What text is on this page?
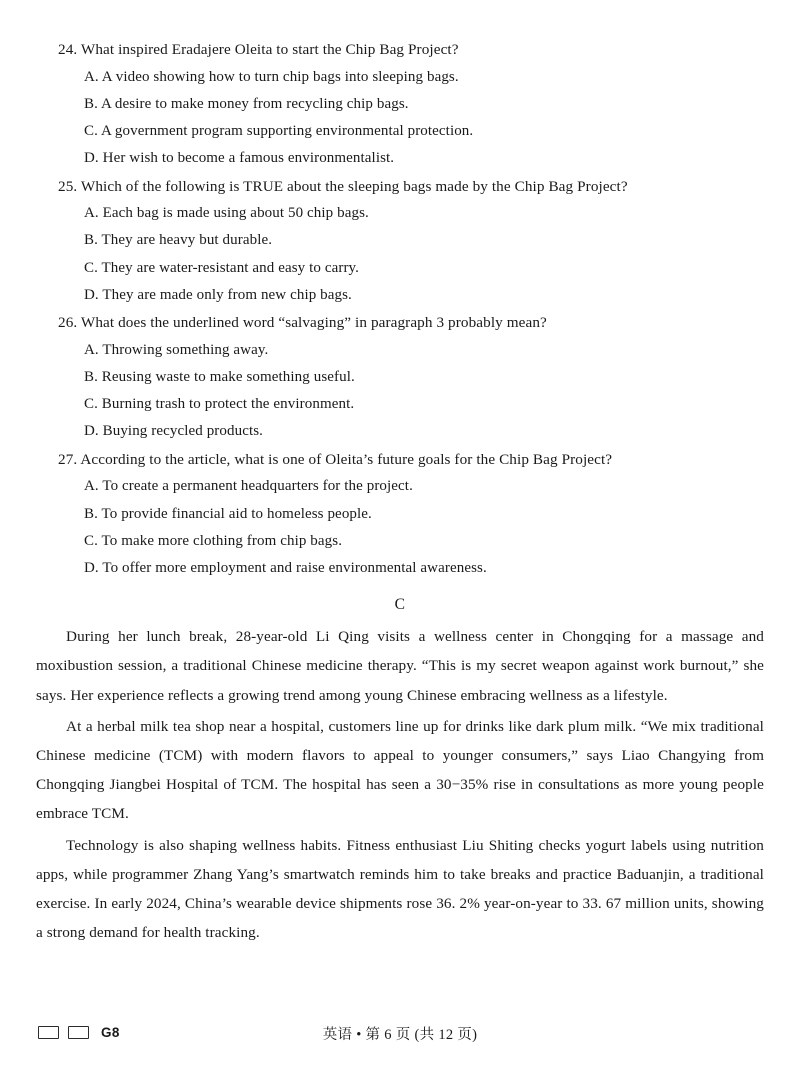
24. What inspired Eradajere Oleita to start the Chip Bag Project?
A. A video showing how to turn chip bags into sleeping bags.
B. A desire to make money from recycling chip bags.
C. A government program supporting environmental protection.
D. Her wish to become a famous environmentalist.
25. Which of the following is TRUE about the sleeping bags made by the Chip Bag Project?
A. Each bag is made using about 50 chip bags.
B. They are heavy but durable.
C. They are water-resistant and easy to carry.
D. They are made only from new chip bags.
26. What does the underlined word “salvaging” in paragraph 3 probably mean?
A. Throwing something away.
B. Reusing waste to make something useful.
C. Burning trash to protect the environment.
D. Buying recycled products.
27. According to the article, what is one of Oleita’s future goals for the Chip Bag Project?
A. To create a permanent headquarters for the project.
B. To provide financial aid to homeless people.
C. To make more clothing from chip bags.
D. To offer more employment and raise environmental awareness.
C

During her lunch break, 28-year-old Li Qing visits a wellness center in Chongqing for a massage and moxibustion session, a traditional Chinese medicine therapy. “This is my secret weapon against work burnout,” she says. Her experience reflects a growing trend among young Chinese embracing wellness as a lifestyle.

At a herbal milk tea shop near a hospital, customers line up for drinks like dark plum milk. “We mix traditional Chinese medicine (TCM) with modern flavors to appeal to younger consumers,” says Liao Changying from Chongqing Jiangbei Hospital of TCM. The hospital has seen a 30−35% rise in consultations as more young people embrace TCM.

Technology is also shaping wellness habits. Fitness enthusiast Liu Shiting checks yogurt labels using nutrition apps, while programmer Zhang Yang’s smartwatch reminds him to take breaks and practice Baduanjin, a traditional exercise. In early 2024, China’s wearable device shipments rose 36. 2% year-on-year to 33. 67 million units, showing a strong demand for health tracking.

G8	英语 • 第 6 页 (共 12 页)
